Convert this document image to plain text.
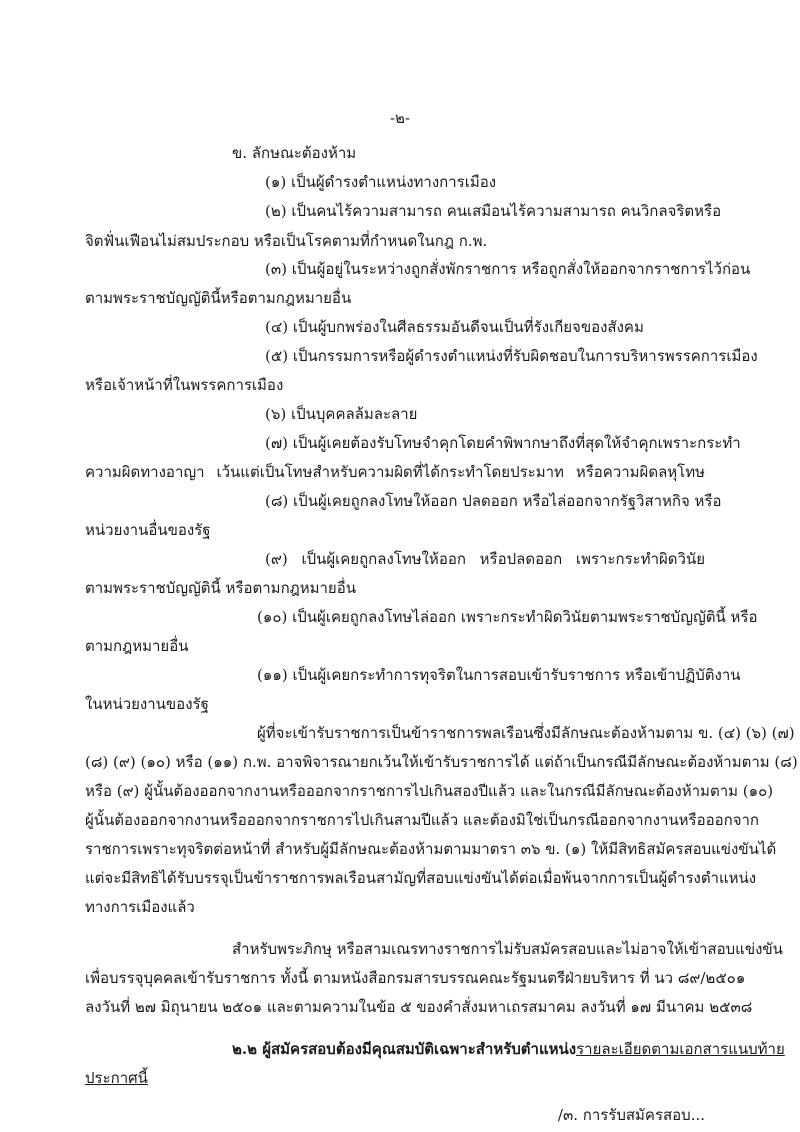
-๒-
ข. ลักษณะต้องห้าม
(๑) เป็นผู้ดำรงตำแหน่งทางการเมือง
(๒) เป็นคนไร้ความสามารถ คนเสมือนไร้ความสามารถ คนวิกลจริตหรือ
จิตฟั่นเฟือนไม่สมประกอบ หรือเป็นโรคตามที่กำหนดในกฎ ก.พ.
(๓) เป็นผู้อยู่ในระหว่างถูกสั่งพักราชการ หรือถูกสั่งให้ออกจากราชการไว้ก่อน
ตามพระราชบัญญัตินี้หรือตามกฎหมายอื่น
(๔) เป็นผู้บกพร่องในศีลธรรมอันดีจนเป็นที่รังเกียจของสังคม
(๕) เป็นกรรมการหรือผู้ดำรงตำแหน่งที่รับผิดชอบในการบริหารพรรคการเมือง
หรือเจ้าหน้าที่ในพรรคการเมือง
(๖) เป็นบุคคลล้มละลาย
(๗) เป็นผู้เคยต้องรับโทษจำคุกโดยคำพิพากษาถึงที่สุดให้จำคุกเพราะกระทำ
ความผิดทางอาญา เว้นแต่เป็นโทษสำหรับความผิดที่ได้กระทำโดยประมาท หรือความผิดลหุโทษ
(๘) เป็นผู้เคยถูกลงโทษให้ออก ปลดออก หรือไล่ออกจากรัฐวิสาหกิจ หรือ
หน่วยงานอื่นของรัฐ
(๙) เป็นผู้เคยถูกลงโทษให้ออก หรือปลดออก เพราะกระทำผิดวินัย
ตามพระราชบัญญัตินี้ หรือตามกฎหมายอื่น
(๑๐) เป็นผู้เคยถูกลงโทษไล่ออก เพราะกระทำผิดวินัยตามพระราชบัญญัตินี้ หรือ
ตามกฎหมายอื่น
(๑๑) เป็นผู้เคยกระทำการทุจริตในการสอบเข้ารับราชการ หรือเข้าปฏิบัติงาน
ในหน่วยงานของรัฐ
ผู้ที่จะเข้ารับราชการเป็นข้าราชการพลเรือนซึ่งมีลักษณะต้องห้ามตาม ข. (๔) (๖) (๗)
(๘) (๙) (๑๐) หรือ (๑๑) ก.พ. อาจพิจารณายกเว้นให้เข้ารับราชการได้ แต่ถ้าเป็นกรณีมีลักษณะต้องห้ามตาม (๘)
หรือ (๙) ผู้นั้นต้องออกจากงานหรือออกจากราชการไปเกินสองปีแล้ว และในกรณีมีลักษณะต้องห้ามตาม (๑๐)
ผู้นั้นต้องออกจากงานหรือออกจากราชการไปเกินสามปีแล้ว และต้องมิใช่เป็นกรณีออกจากงานหรือออกจาก
ราชการเพราะทุจริตต่อหน้าที่ สำหรับผู้มีลักษณะต้องห้ามตามมาตรา ๓๖ ข. (๑) ให้มีสิทธิสมัครสอบแข่งขันได้
แต่จะมีสิทธิได้รับบรรจุเป็นข้าราชการพลเรือนสามัญที่สอบแข่งขันได้ต่อเมื่อพ้นจากการเป็นผู้ดำรงตำแหน่ง
ทางการเมืองแล้ว
สำหรับพระภิกษุ หรือสามเณรทางราชการไม่รับสมัครสอบและไม่อาจให้เข้าสอบแข่งขัน
เพื่อบรรจุบุคคลเข้ารับราชการ ทั้งนี้ ตามหนังสือกรมสารบรรณคณะรัฐมนตรีฝ่ายบริหาร ที่ นว ๘๙/๒๕๐๑
ลงวันที่ ๒๗ มิถุนายน ๒๕๐๑ และตามความในข้อ ๕ ของคำสั่งมหาเถรสมาคม ลงวันที่ ๑๗ มีนาคม ๒๕๓๘
๒.๒ ผู้สมัครสอบต้องมีคุณสมบัติเฉพาะสำหรับตำแหน่ง รายละเอียดตามเอกสารแนบท้าย
ประกาศนี้
/๓. การรับสมัครสอบ...
